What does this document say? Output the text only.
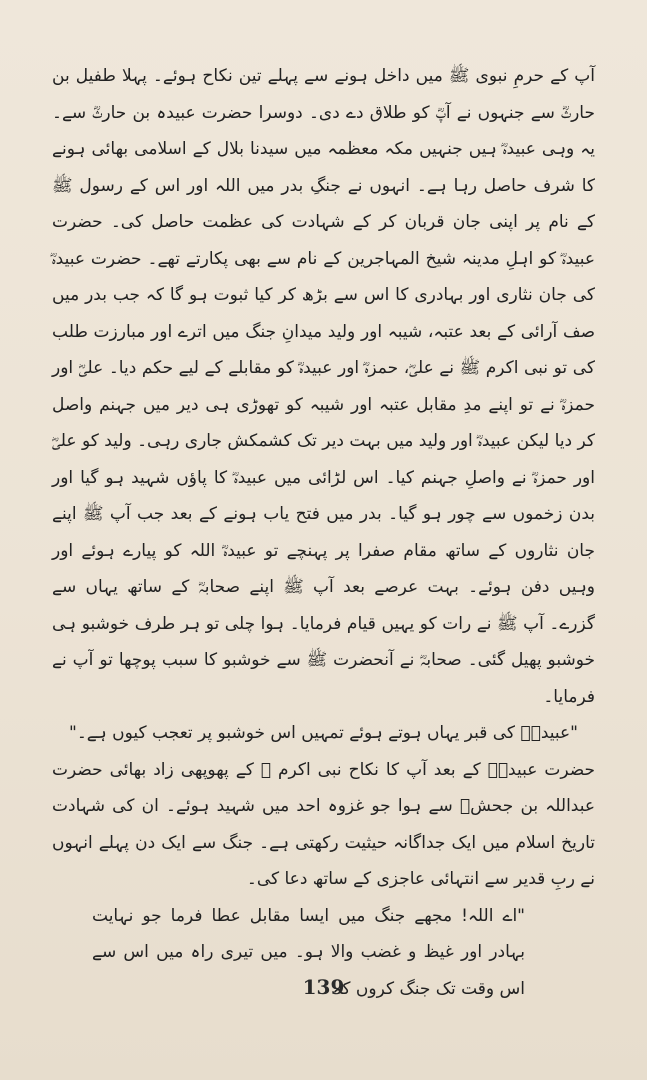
آپ کے حرمِ نبوی ﷺ میں داخل ہونے سے پہلے تین نکاح ہوئے۔ پہلا طفیل بن حارثؓ سے جنہوں نے آپؓ کو طلاق دے دی۔ دوسرا حضرت عبیدہ بن حارثؓ سے۔ یہ وہی عبیدہؓ ہیں جنہیں مکہ معظمہ میں سیدنا بلال کے اسلامی بھائی ہونے کا شرف حاصل رہا ہے۔ انہوں نے جنگِ بدر میں اللہ اور اس کے رسول ﷺ کے نام پر اپنی جان قربان کر کے شہادت کی عظمت حاصل کی۔ حضرت عبیدہؓ کو اہلِ مدینہ شیخ المہاجرین کے نام سے بھی پکارتے تھے۔ حضرت عبیدہؓ کی جان نثاری اور بہادری کا اس سے بڑھ کر کیا ثبوت ہو گا کہ جب بدر میں صف آرائی کے بعد عتبہ، شیبہ اور ولید میدانِ جنگ میں اترے اور مبارزت طلب کی تو نبی اکرم ﷺ نے علیؓ، حمزہؓ اور عبیدہؓ کو مقابلے کے لیے حکم دیا۔ علیؓ اور حمزہؓ نے تو اپنے مدِ مقابل عتبہ اور شیبہ کو تھوڑی ہی دیر میں جہنم واصل کر دیا لیکن عبیدہؓ اور ولید میں بہت دیر تک کشمکش جاری رہی۔ ولید کو علیؓ اور حمزہؓ نے واصلِ جہنم کیا۔ اس لڑائی میں عبیدہؓ کا پاؤں شہید ہو گیا اور بدن زخموں سے چور ہو گیا۔ بدر میں فتح یاب ہونے کے بعد جب آپ ﷺ اپنے جان نثاروں کے ساتھ مقام صفرا پر پہنچے تو عبیدہؓ اللہ کو پیارے ہوئے اور وہیں دفن ہوئے۔ بہت عرصے بعد آپ ﷺ اپنے صحابہؓ کے ساتھ یہاں سے گزرے۔ آپ ﷺ نے رات کو یہیں قیام فرمایا۔ ہوا چلی تو ہر طرف خوشبو ہی خوشبو پھیل گئی۔ صحابہؓ نے آنحضرت ﷺ سے خوشبو کا سبب پوچھا تو آپ نے فرمایا۔

"عبیدہؓ کی قبر یہاں ہوتے ہوئے تمہیں اس خوشبو پر تعجب کیوں ہے۔"

حضرت عبیدہؓ کے بعد آپ کا نکاح نبی اکرم ﷺ کے پھوپھی زاد بھائی حضرت عبداللہ بن جحشؓ سے ہوا جو غزوہ احد میں شہید ہوئے۔ ان کی شہادت تاریخ اسلام میں ایک جداگانہ حیثیت رکھتی ہے۔ جنگ سے ایک دن پہلے انہوں نے ربِ قدیر سے انتہائی عاجزی کے ساتھ دعا کی۔

"اے اللہ! مجھے جنگ میں ایسا مقابل عطا فرما جو نہایت بہادر اور غیظ و غضب والا ہو۔ میں تیری راہ میں اس سے اس وقت تک جنگ کروں کہ

139
